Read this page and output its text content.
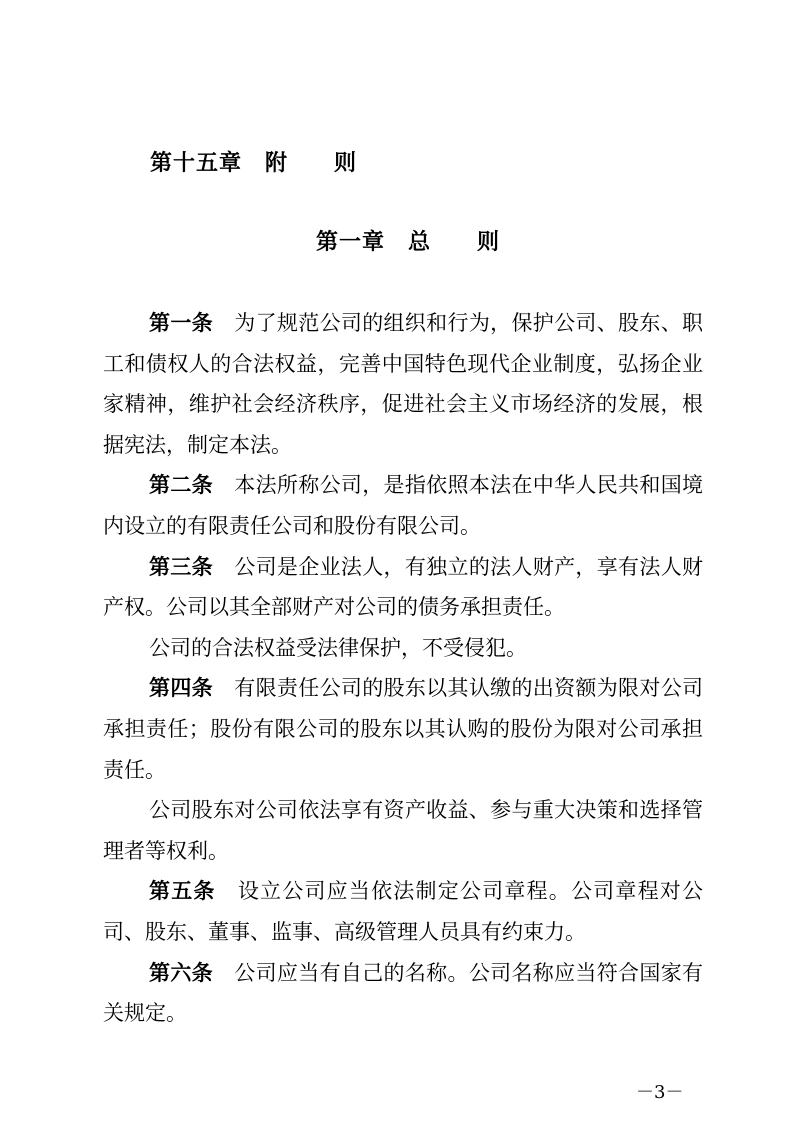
第十五章　附　　则
第一章　总　　则

第一条　 为了规范公司的组织和行为，保护公司、股东、职工和债权人的合法权益，完善中国特色现代企业制度，弘扬企业家精神，维护社会经济秩序，促进社会主义市场经济的发展，根据宪法，制定本法。

第二条　 本法所称公司，是指依照本法在中华人民共和国境内设立的有限责任公司和股份有限公司。

第三条　 公司是企业法人，有独立的法人财产，享有法人财产权。公司以其全部财产对公司的债务承担责任。

公司的合法权益受法律保护，不受侵犯。

第四条　 有限责任公司的股东以其认缴的出资额为限对公司承担责任；股份有限公司的股东以其认购的股份为限对公司承担责任。

公司股东对公司依法享有资产收益、参与重大决策和选择管理者等权利。

第五条　 设立公司应当依法制定公司章程。公司章程对公司、股东、董事、监事、高级管理人员具有约束力。

第六条　 公司应当有自己的名称。公司名称应当符合国家有关规定。

－3－
